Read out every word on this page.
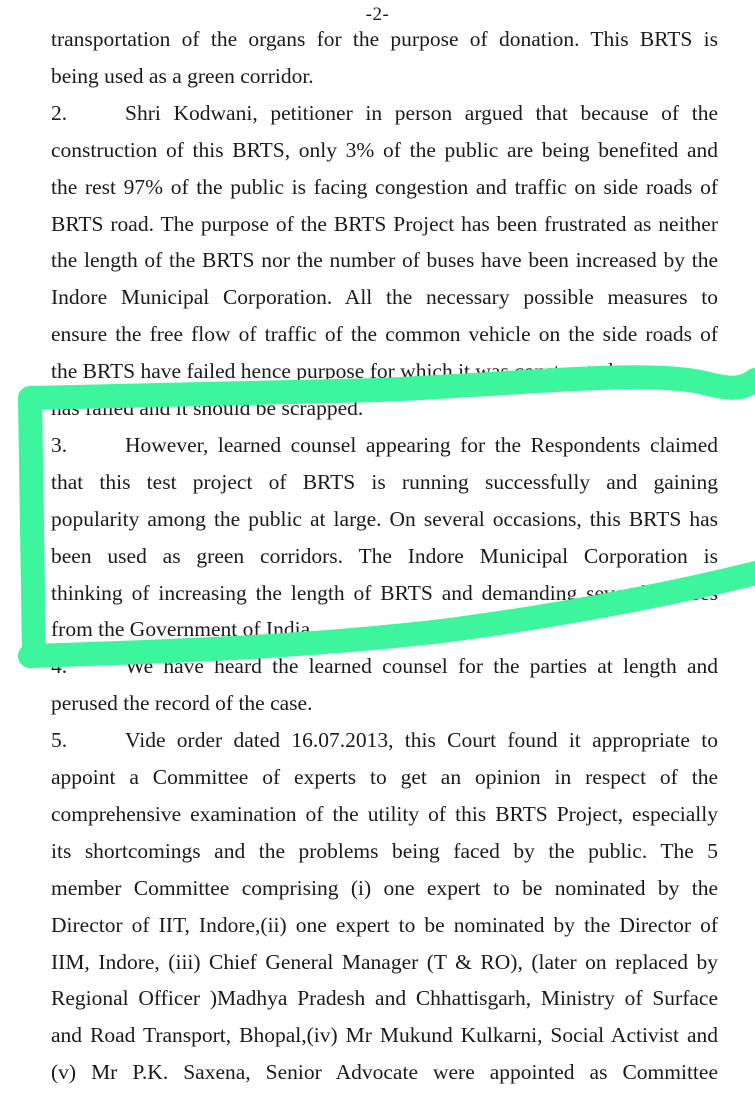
-2-
transportation of the organs for the purpose of donation. This BRTS is
being used as a green corridor.
2.	Shri Kodwani, petitioner in person argued that because of the
construction of this BRTS, only 3% of the public are being benefited and
the rest 97% of the public is facing congestion and traffic on side roads of
BRTS road. The purpose of the BRTS Project has been frustrated as neither
the length of the BRTS nor the number of buses have been increased by the
Indore Municipal Corporation. All the necessary possible measures to
ensure the free flow of traffic of the common vehicle on the side roads of
the BRTS have failed hence purpose for which it was constructed
has failed and it should be scrapped.
3.	However, learned counsel appearing for the Respondents claimed
that this test project of BRTS is running successfully and gaining
popularity among the public at large. On several occasions, this BRTS has
been used as green corridors. The Indore Municipal Corporation is
thinking of increasing the length of BRTS and demanding several I-buses
from the Government of India.
4.	We have heard the learned counsel for the parties at length and
perused the record of the case.
5.	Vide order dated 16.07.2013, this Court found it appropriate to
appoint a Committee of experts to get an opinion in respect of the
comprehensive examination of the utility of this BRTS Project, especially
its shortcomings and the problems being faced by the public. The 5
member Committee comprising (i) one expert to be nominated by the
Director of IIT, Indore,(ii) one expert to be nominated by the Director of
IIM, Indore, (iii) Chief General Manager (T & RO), (later on replaced by
Regional Officer )Madhya Pradesh and Chhattisgarh, Ministry of Surface
and Road Transport, Bhopal,(iv) Mr Mukund Kulkarni, Social Activist and
(v) Mr P.K. Saxena, Senior Advocate were appointed as Committee
